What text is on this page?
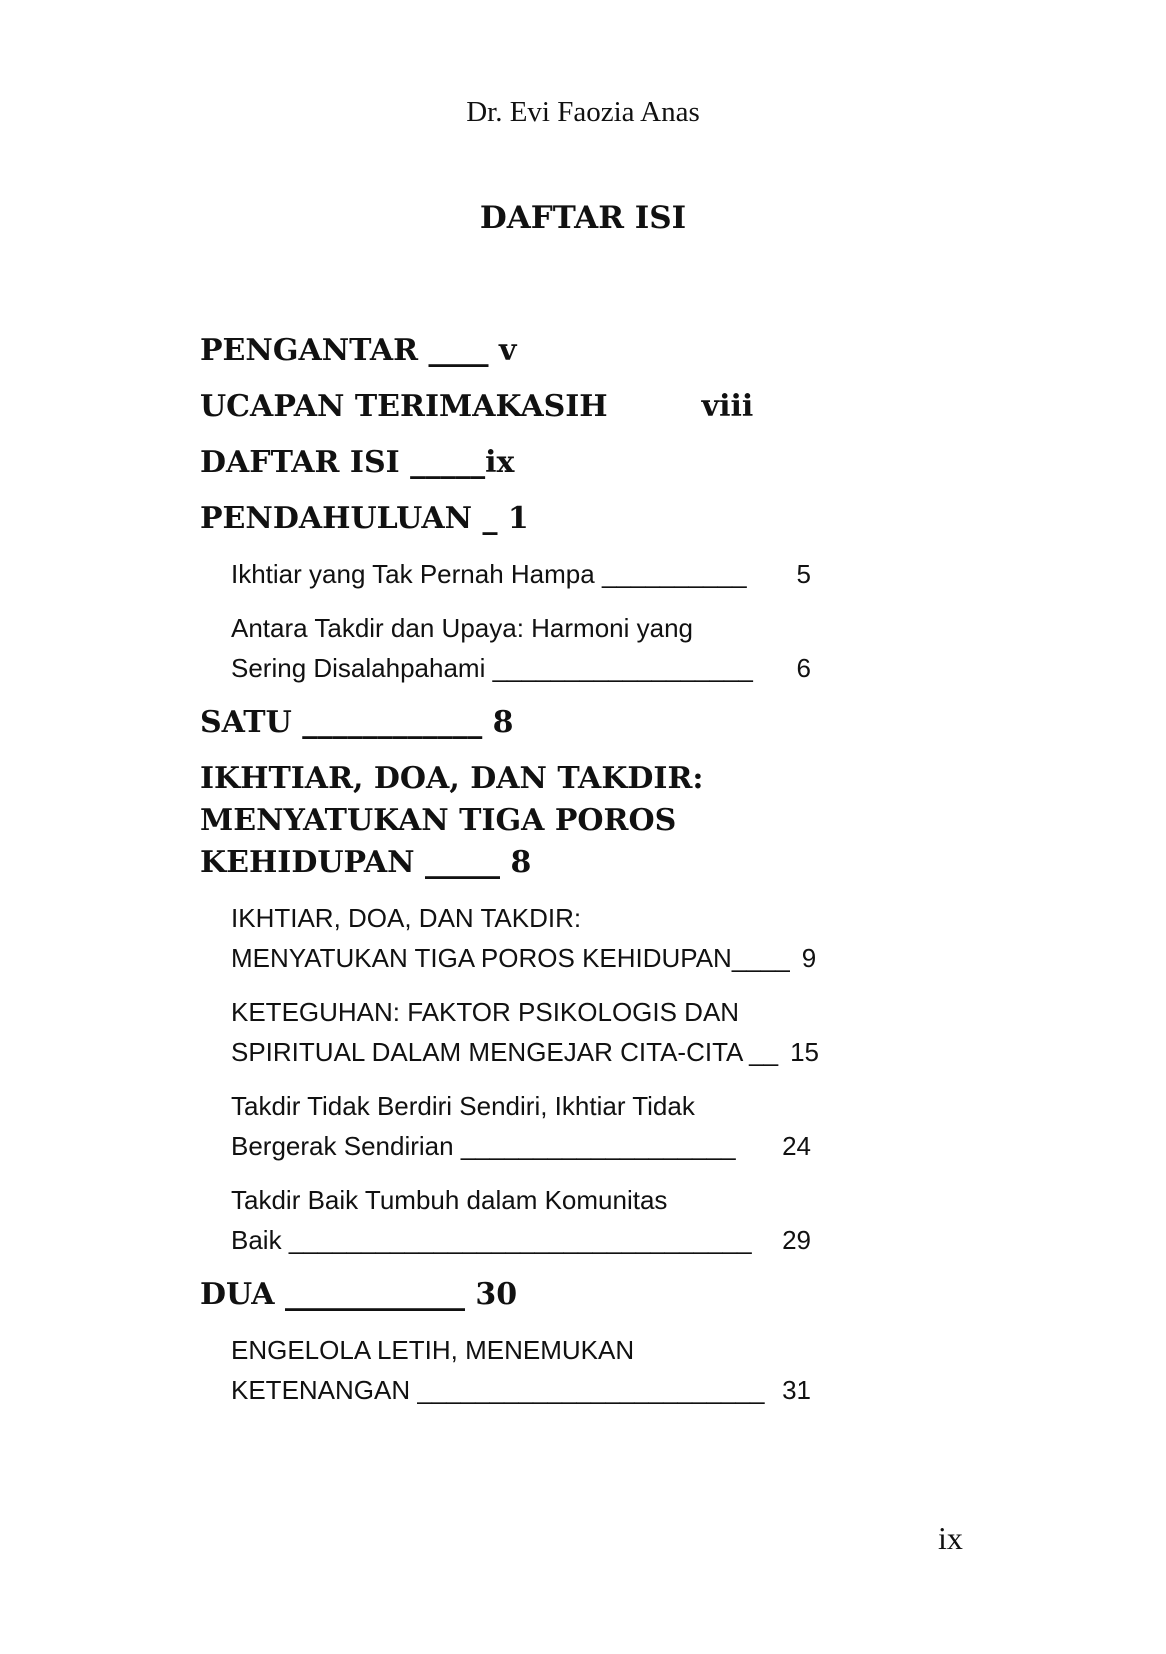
Dr. Evi Faozia Anas
DAFTAR ISI
PENGANTAR ____ v
UCAPAN TERIMAKASIH         viii
DAFTAR ISI _____ix
PENDAHULUAN _ 1
Ikhtiar yang Tak Pernah Hampa __________	5
Antara Takdir dan Upaya: Harmoni yang
Sering Disalahpahami __________________	6
SATU ____________ 8
IKHTIAR, DOA, DAN TAKDIR:
MENYATUKAN TIGA POROS
KEHIDUPAN _____ 8
IKHTIAR, DOA, DAN TAKDIR:
MENYATUKAN TIGA POROS KEHIDUPAN ____ 9
KETEGUHAN: FAKTOR PSIKOLOGIS DAN
SPIRITUAL DALAM MENGEJAR CITA-CITA __ 15
Takdir Tidak Berdiri Sendiri, Ikhtiar Tidak
Bergerak Sendirian ___________________	24
Takdir Baik Tumbuh dalam Komunitas
Baik ________________________________	29
DUA ____________ 30
ENGELOLA LETIH, MENEMUKAN
KETENANGAN ________________________ 31
ix
